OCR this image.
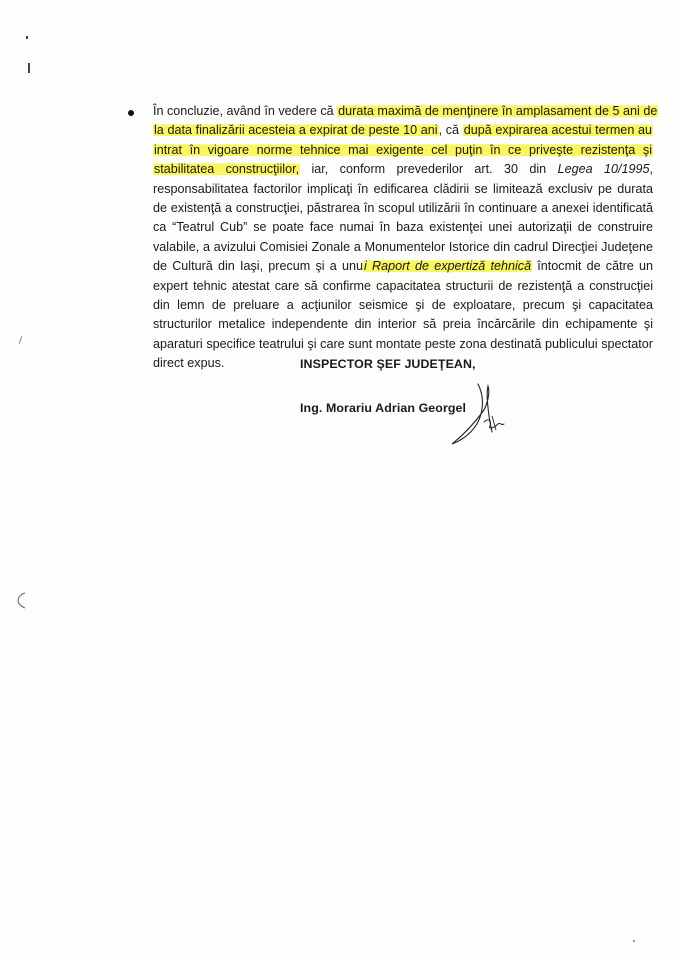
În concluzie, având în vedere că durata maximă de menţinere în amplasament de 5 ani de
la data finalizării acesteia a expirat de peste 10 ani, că după expirarea acestui termen au
intrat în vigoare norme tehnice mai exigente cel puţin în ce priveşte rezistenţa şi
stabilitatea construcţiilor, iar, conform prevederilor art. 30 din Legea 10/1995,
responsabilitatea factorilor implicaţi în edificarea clădirii se limitează exclusiv pe durata
de existenţă a construcţiei, păstrarea în scopul utilizării în continuare a anexei identificată
ca “Teatrul Cub” se poate face numai în baza existenţei unei autorizaţii de construire
valabile, a avizului Comisiei Zonale a Monumentelor Istorice din cadrul Direcţiei Judeţene
de Cultură din Iaşi, precum şi a unui Raport de expertiză tehnică întocmit de către un
expert tehnic atestat care să confirme capacitatea structurii de rezistenţă a construcţiei
din lemn de preluare a acţiunilor seismice şi de exploatare, precum şi capacitatea
structurilor metalice independente din interior să preia încărcările din echipamente şi
aparaturi specifice teatrului şi care sunt montate peste zona destinată publicului spectator
direct expus.	INSPECTOR ŞEF JUDEŢEAN,
Ing. Morariu Adrian Georgel
